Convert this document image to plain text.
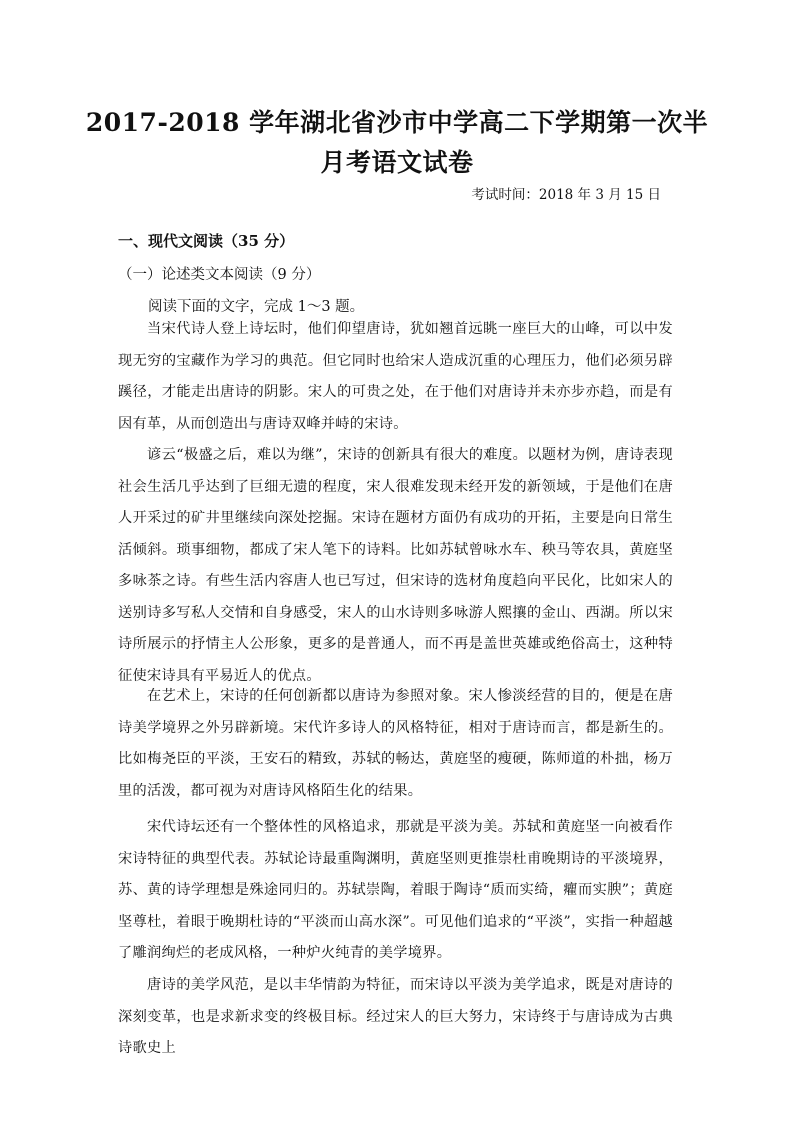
2017-2018 学年湖北省沙市中学高二下学期第一次半
月考语文试卷
考试时间：2018 年 3 月 15 日
一、现代文阅读（35 分）
（一）论述类文本阅读（9 分）
阅读下面的文字，完成 1～3 题。

当宋代诗人登上诗坛时，他们仰望唐诗，犹如翘首远眺一座巨大的山峰，可以中发现无穷的宝藏作为学习的典范。但它同时也给宋人造成沉重的心理压力，他们必须另辟蹊径，才能走出唐诗的阴影。宋人的可贵之处，在于他们对唐诗并未亦步亦趋，而是有因有革，从而创造出与唐诗双峰并峙的宋诗。

谚云“极盛之后，难以为继”，宋诗的创新具有很大的难度。以题材为例，唐诗表现社会生活几乎达到了巨细无遗的程度，宋人很难发现未经开发的新领域，于是他们在唐人开采过的矿井里继续向深处挖掘。宋诗在题材方面仍有成功的开拓，主要是向日常生活倾斜。琐事细物，都成了宋人笔下的诗料。比如苏轼曾咏水车、秧马等农具，黄庭坚多咏茶之诗。有些生活内容唐人也已写过，但宋诗的选材角度趋向平民化，比如宋人的送别诗多写私人交情和自身感受，宋人的山水诗则多咏游人熙攘的金山、西湖。所以宋诗所展示的抒情主人公形象，更多的是普通人，而不再是盖世英雄或绝俗高士，这种特征使宋诗具有平易近人的优点。

在艺术上，宋诗的任何创新都以唐诗为参照对象。宋人惨淡经营的目的，便是在唐诗美学境界之外另辟新境。宋代许多诗人的风格特征，相对于唐诗而言，都是新生的。比如梅尧臣的平淡，王安石的精致，苏轼的畅达，黄庭坚的瘦硬，陈师道的朴拙，杨万里的活泼，都可视为对唐诗风格陌生化的结果。

宋代诗坛还有一个整体性的风格追求，那就是平淡为美。苏轼和黄庭坚一向被看作宋诗特征的典型代表。苏轼论诗最重陶渊明，黄庭坚则更推崇杜甫晚期诗的平淡境界，苏、黄的诗学理想是殊途同归的。苏轼崇陶，着眼于陶诗“质而实绮，癯而实腴”；黄庭坚尊杜，着眼于晚期杜诗的“平淡而山高水深”。可见他们追求的“平淡”，实指一种超越了雕润绚烂的老成风格，一种炉火纯青的美学境界。

唐诗的美学风范，是以丰华情韵为特征，而宋诗以平淡为美学追求，既是对唐诗的深刻变革，也是求新求变的终极目标。经过宋人的巨大努力，宋诗终于与唐诗成为古典诗歌史上
